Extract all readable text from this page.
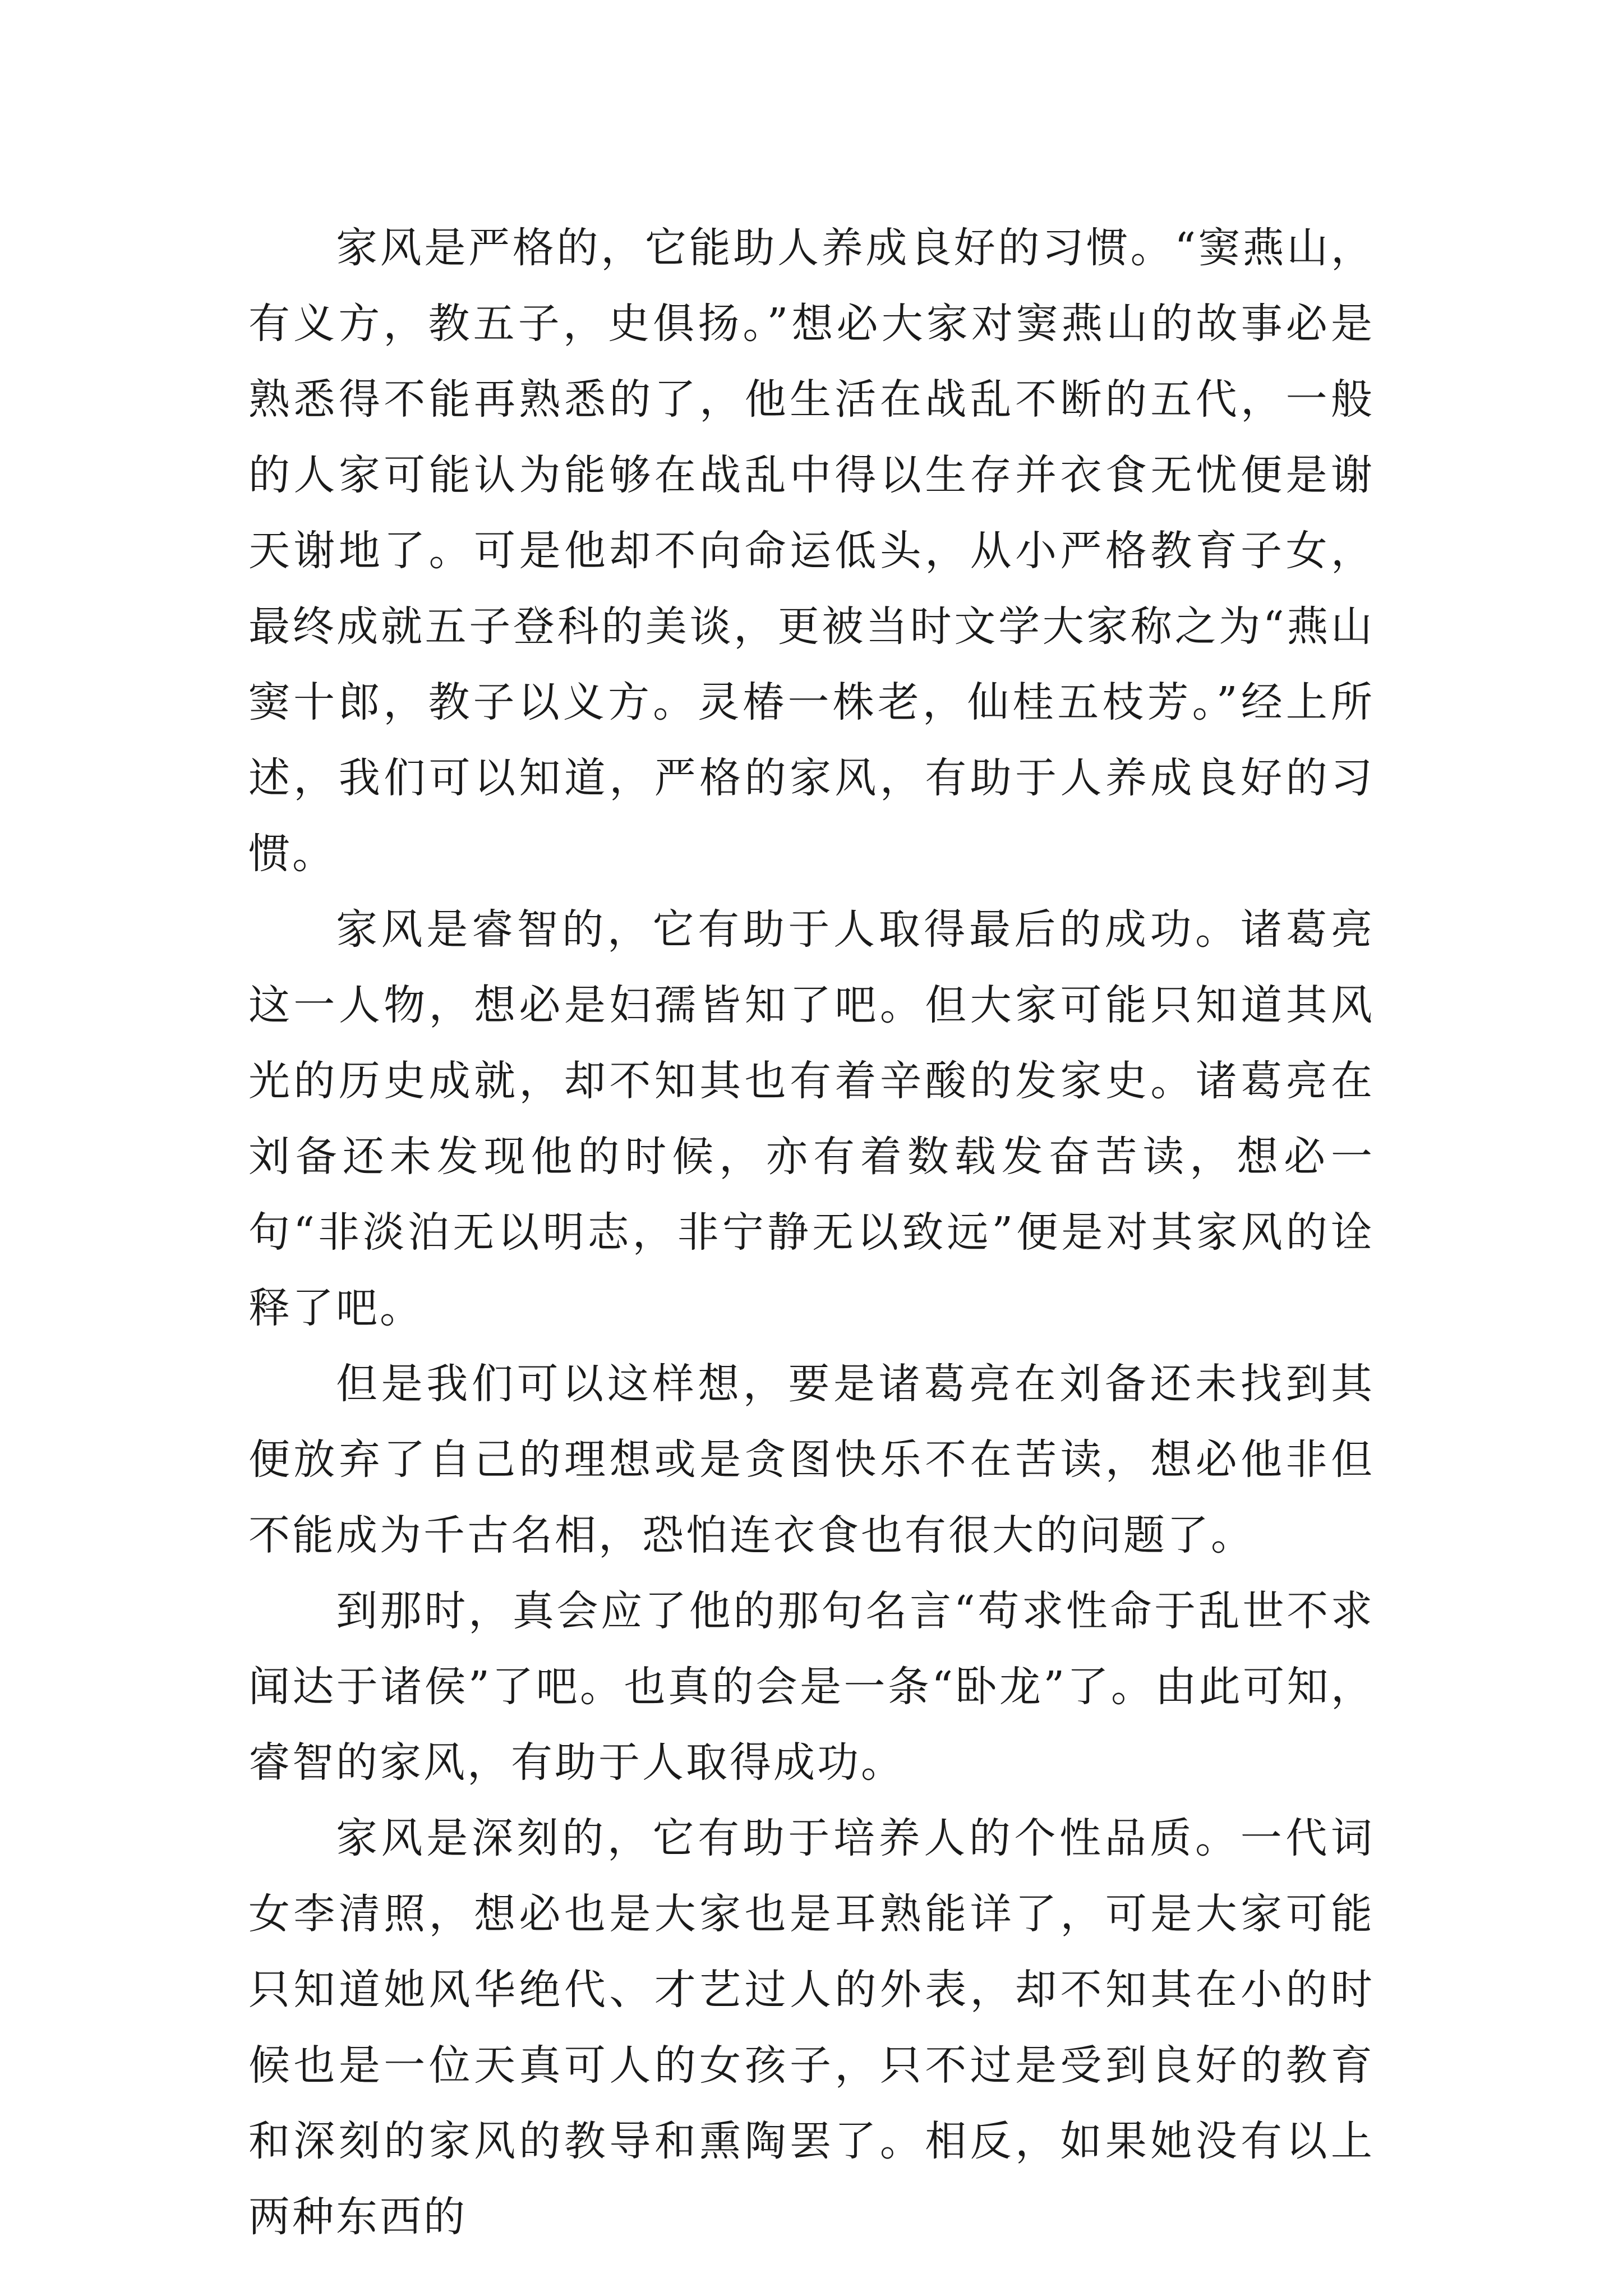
家风是严格的，它能助人养成良好的习惯。“窦燕山，有义方，教五子，史俱扬。”想必大家对窦燕山的故事必是熟悉得不能再熟悉的了，他生活在战乱不断的五代，一般的人家可能认为能够在战乱中得以生存并衣食无忧便是谢天谢地了。可是他却不向命运低头，从小严格教育子女，最终成就五子登科的美谈，更被当时文学大家称之为“燕山窦十郎，教子以义方。灵椿一株老，仙桂五枝芳。”经上所述，我们可以知道，严格的家风，有助于人养成良好的习惯。

家风是睿智的，它有助于人取得最后的成功。诸葛亮这一人物，想必是妇孺皆知了吧。但大家可能只知道其风光的历史成就，却不知其也有着辛酸的发家史。诸葛亮在刘备还未发现他的时候，亦有着数载发奋苦读，想必一句“非淡泊无以明志，非宁静无以致远”便是对其家风的诠释了吧。

但是我们可以这样想，要是诸葛亮在刘备还未找到其便放弃了自己的理想或是贪图快乐不在苦读，想必他非但不能成为千古名相，恐怕连衣食也有很大的问题了。

到那时，真会应了他的那句名言“苟求性命于乱世不求闻达于诸侯”了吧。也真的会是一条“卧龙”了。由此可知，睿智的家风，有助于人取得成功。

家风是深刻的，它有助于培养人的个性品质。一代词女李清照，想必也是大家也是耳熟能详了，可是大家可能只知道她风华绝代、才艺过人的外表，却不知其在小的时候也是一位天真可人的女孩子，只不过是受到良好的教育和深刻的家风的教导和熏陶罢了。相反，如果她没有以上两种东西的
